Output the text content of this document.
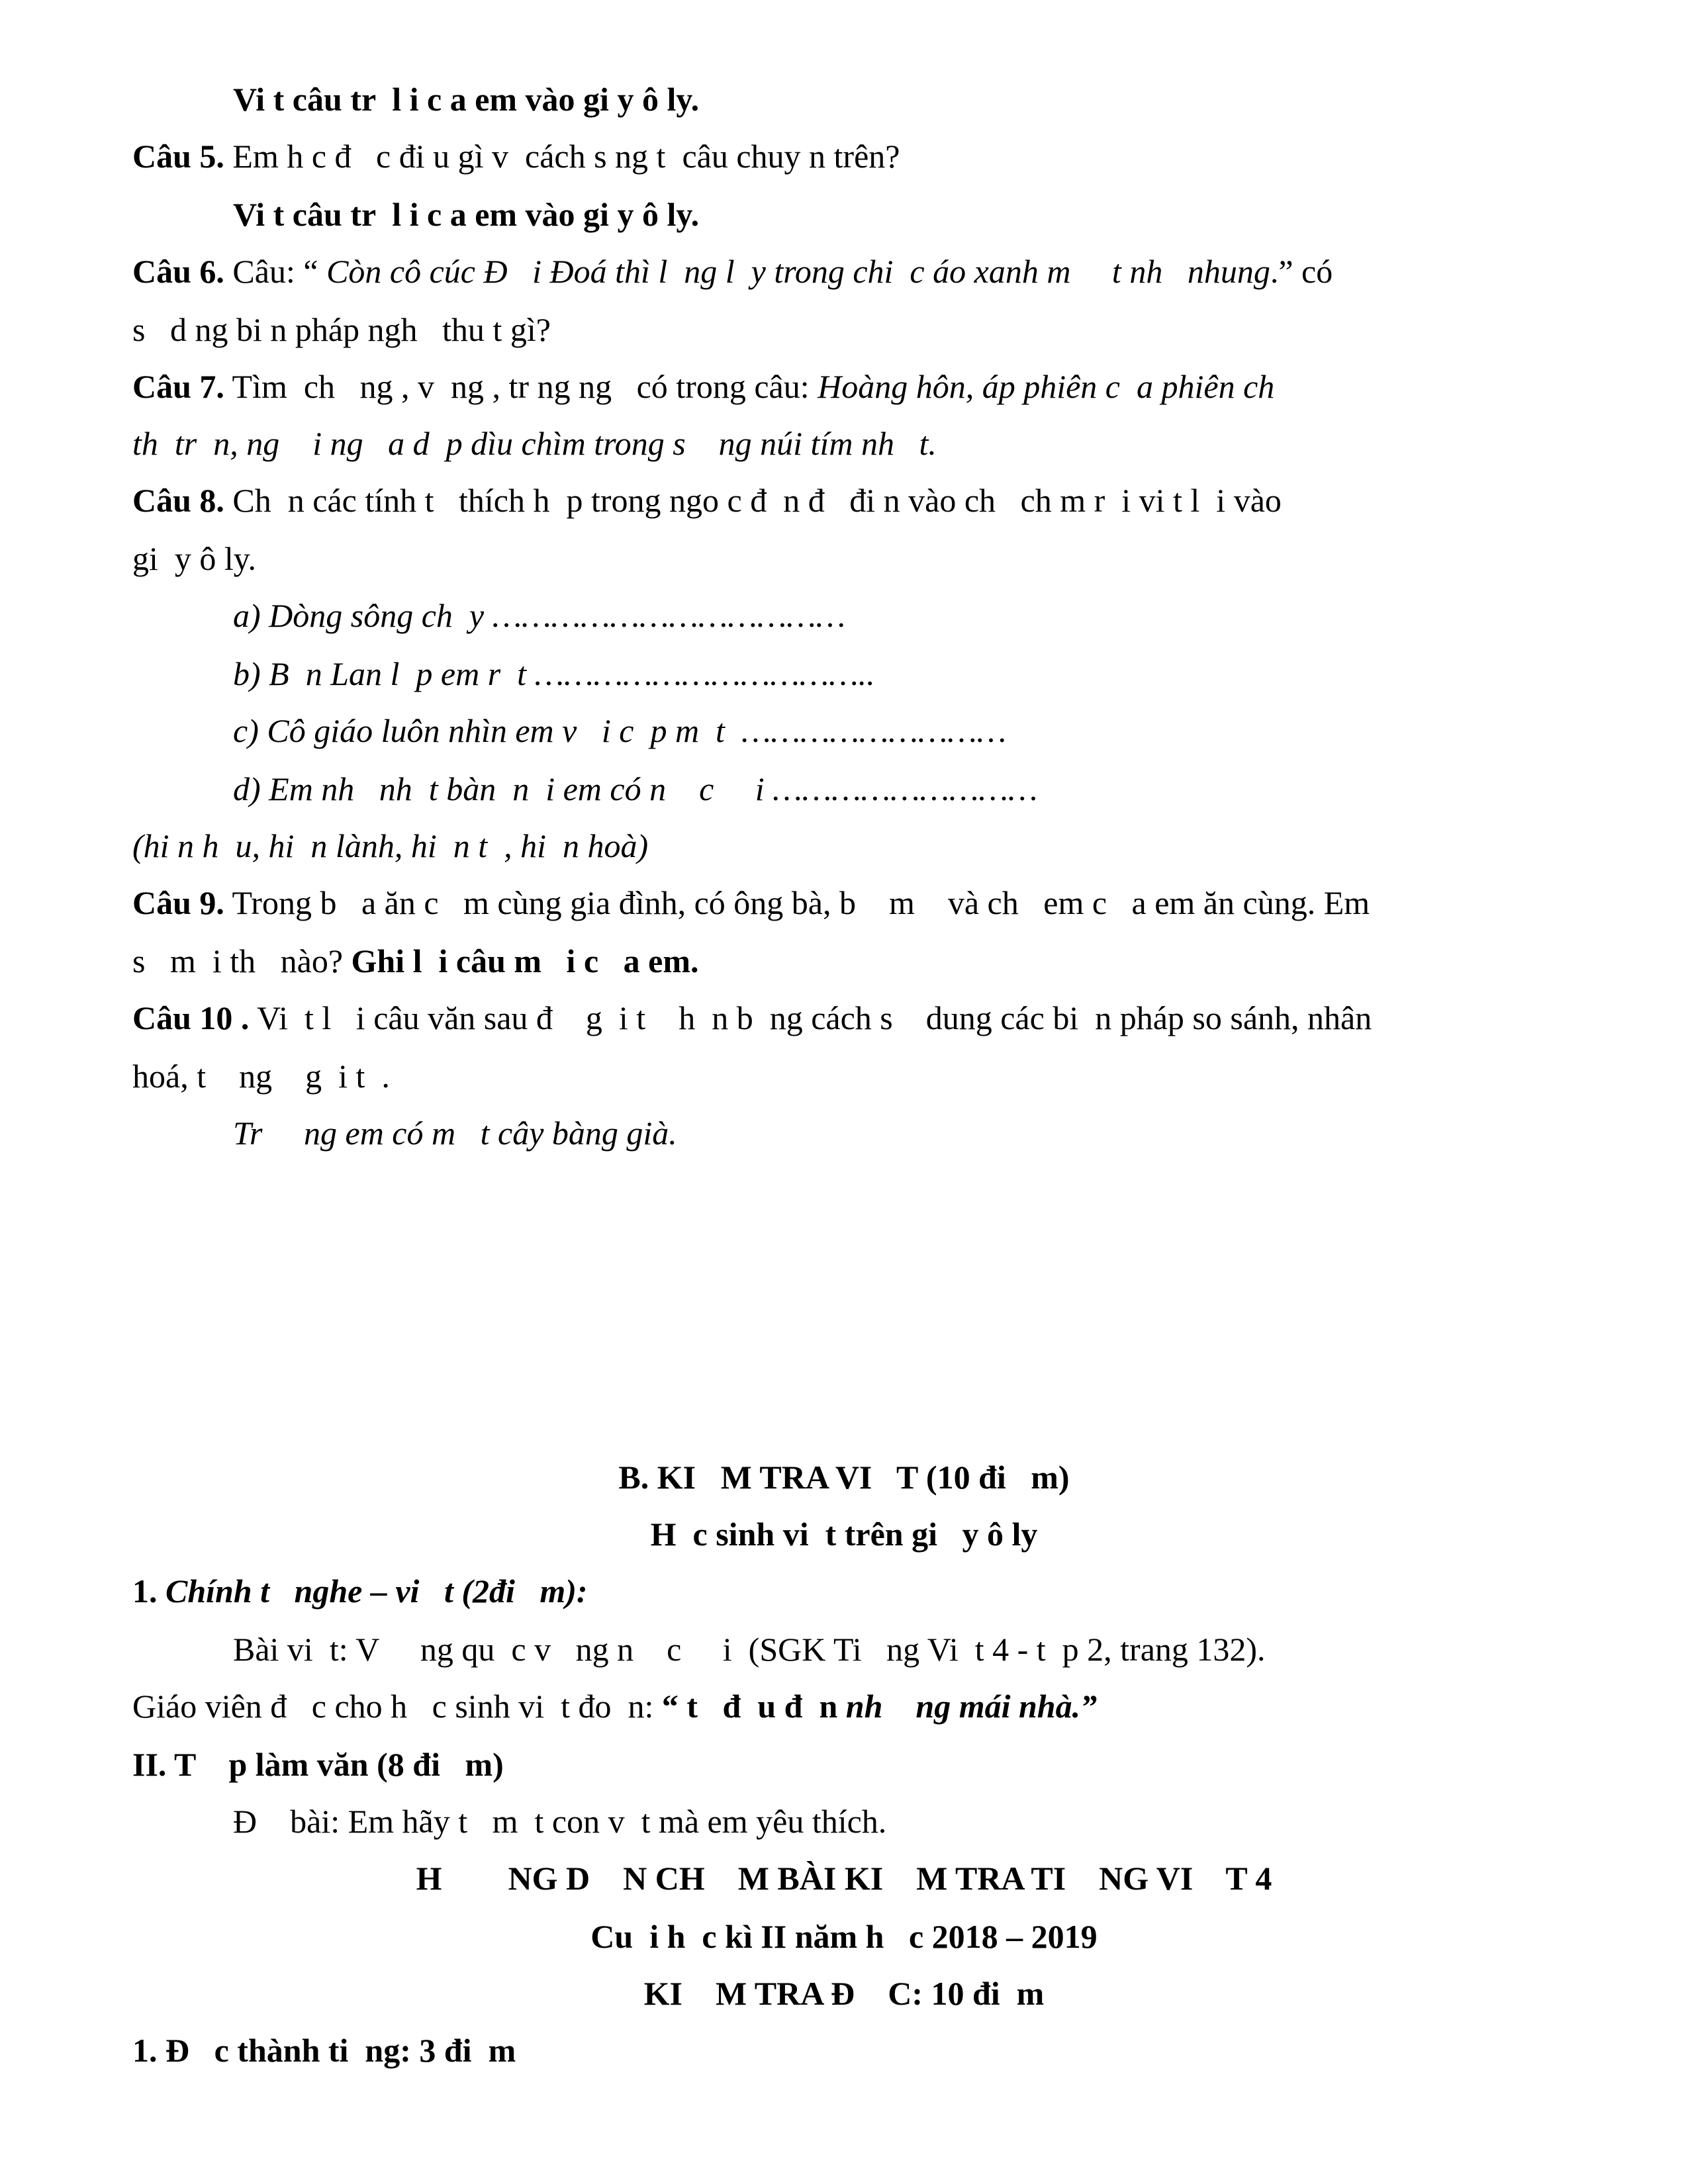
Vi t câu tr  l i c a em vào gi y ô ly.
Câu 5. Em h c đ   c đi u gì v  cách s ng t  câu chuy n trên?
Vi t câu tr  l i c a em vào gi y ô ly.
Câu 6. Câu: “ Còn cô cúc Đ   i Đoá thì l  ng l  y trong chi  c áo xanh m     t nh   nhung.” có
s   d ng bi n pháp ngh   thu t gì?
Câu 7. Tìm  ch   ng , v  ng , tr ng ng   có trong câu: Hoàng hôn, áp phiên c  a phiên ch
th  tr  n, ng    i ng   a d  p dìu chìm trong s    ng núi tím nh   t.
Câu 8. Ch  n các tính t   thích h  p trong ngo c đ  n đ   đi n vào ch   ch m r  i vi t l  i vào
gi  y ô ly.
a) Dòng sông ch  y ………………………………
b) B  n Lan l  p em r  t ……………………………..
c) Cô giáo luôn nhìn em v   i c  p m  t  ………………………
d) Em nh   nh  t bàn  n  i em có n    c     i ………………………
(hi n h  u, hi  n lành, hi  n t  , hi  n hoà)
Câu 9. Trong b   a ăn c   m cùng gia đình, có ông bà, b    m    và ch   em c   a em ăn cùng. Em
s   m  i th   nào? Ghi l  i câu m   i c   a em.
Câu 10 . Vi  t l   i câu văn sau đ    g  i t    h  n b  ng cách s    dung các bi  n pháp so sánh, nhân
hoá, t    ng    g  i t  .
Tr     ng em có m   t cây bàng già.
B. KI   M TRA VI   T (10 đi   m)
H  c sinh vi  t trên gi   y ô ly
1. Chính t   nghe – vi   t (2đi   m):
Bài vi  t: V     ng qu  c v   ng n    c     i  (SGK Ti   ng Vi  t 4 - t  p 2, trang 132).
Giáo viên đ   c cho h   c sinh vi  t đo  n: “ t   đ  u đ  n nh    ng mái nhà.”
II. T    p làm văn (8 đi   m)
Đ    bài: Em hãy t   m  t con v  t mà em yêu thích.
H        NG D    N CH    M BÀI KI    M TRA TI    NG VI    T 4
Cu  i h  c kì II năm h   c 2018 – 2019
KI    M TRA Đ    C: 10 đi  m
1. Đ   c thành ti  ng: 3 đi  m
